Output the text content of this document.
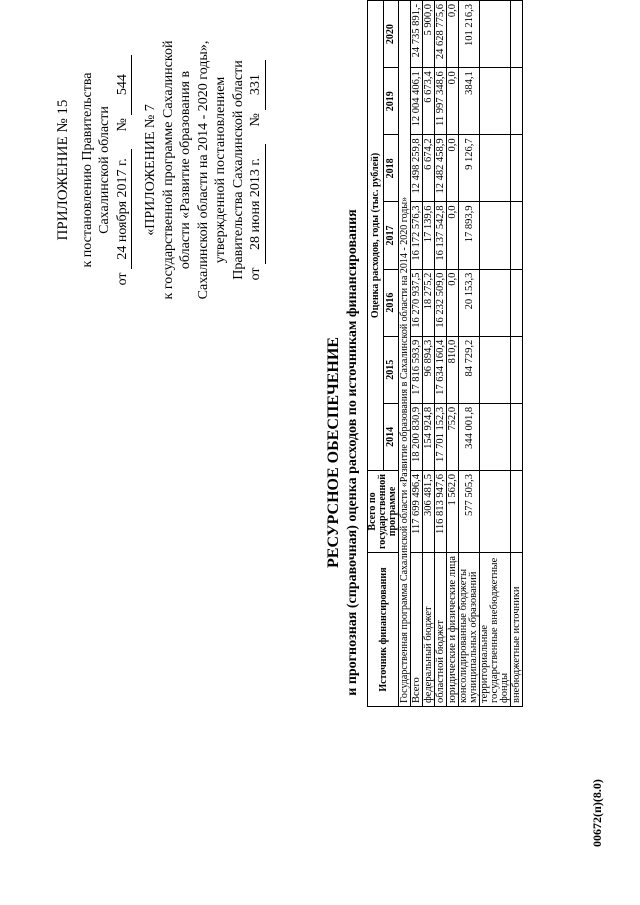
ПРИЛОЖЕНИЕ № 15 к постановлению Правительства Сахалинской области
от 24 ноября 2017 г. № 544
«ПРИЛОЖЕНИЕ № 7 к государственной программе Сахалинской области «Развитие образования в Сахалинской области на 2014 - 2020 годы», утвержденной постановлением Правительства Сахалинской области от 28 июня 2013 г. № 331
РЕСУРСНОЕ ОБЕСПЕЧЕНИЕ и прогнозная (справочная) оценка расходов по источникам финансирования Источник финансирования	Всего по государственной программе	Оценка расходов, годы (тыс. рублей)						
		2014	2015	2016	2017	2018	2019	2020
Государственная программа Сахалинской области «Развитие образования в Сахалинской области на 2014 - 2020 годы»								
Всего	117 699 496,4	18 200 830,9	17 816 593,9	16 270 937,5	16 172 576,3	12 498 259,8	12 004 406,1	24 735 891,-
федеральный бюджет	306 481,5	154 924,8	96 894,3	18 275,2	17 139,6	6 674,2	6 673,4	5 900,0
областной бюджет	116 813 947,6	17 701 152,3	17 634 160,4	16 232 509,0	16 137 542,8	12 482 458,9	11 997 348,6	24 628 775,6
юридические и физические лица	1 562,0	752,0	810,0	0,0	0,0	0,0	0,0	0,0
консолидированные бюджеты муниципальных образований	577 505,3	344 001,8	84 729,2	20 153,3	17 893,9	9 126,7	384,1	101 216,3
территориальные государственные внебюджетные фонды								
внебюджетные источники								
00672(п)(8.0)
